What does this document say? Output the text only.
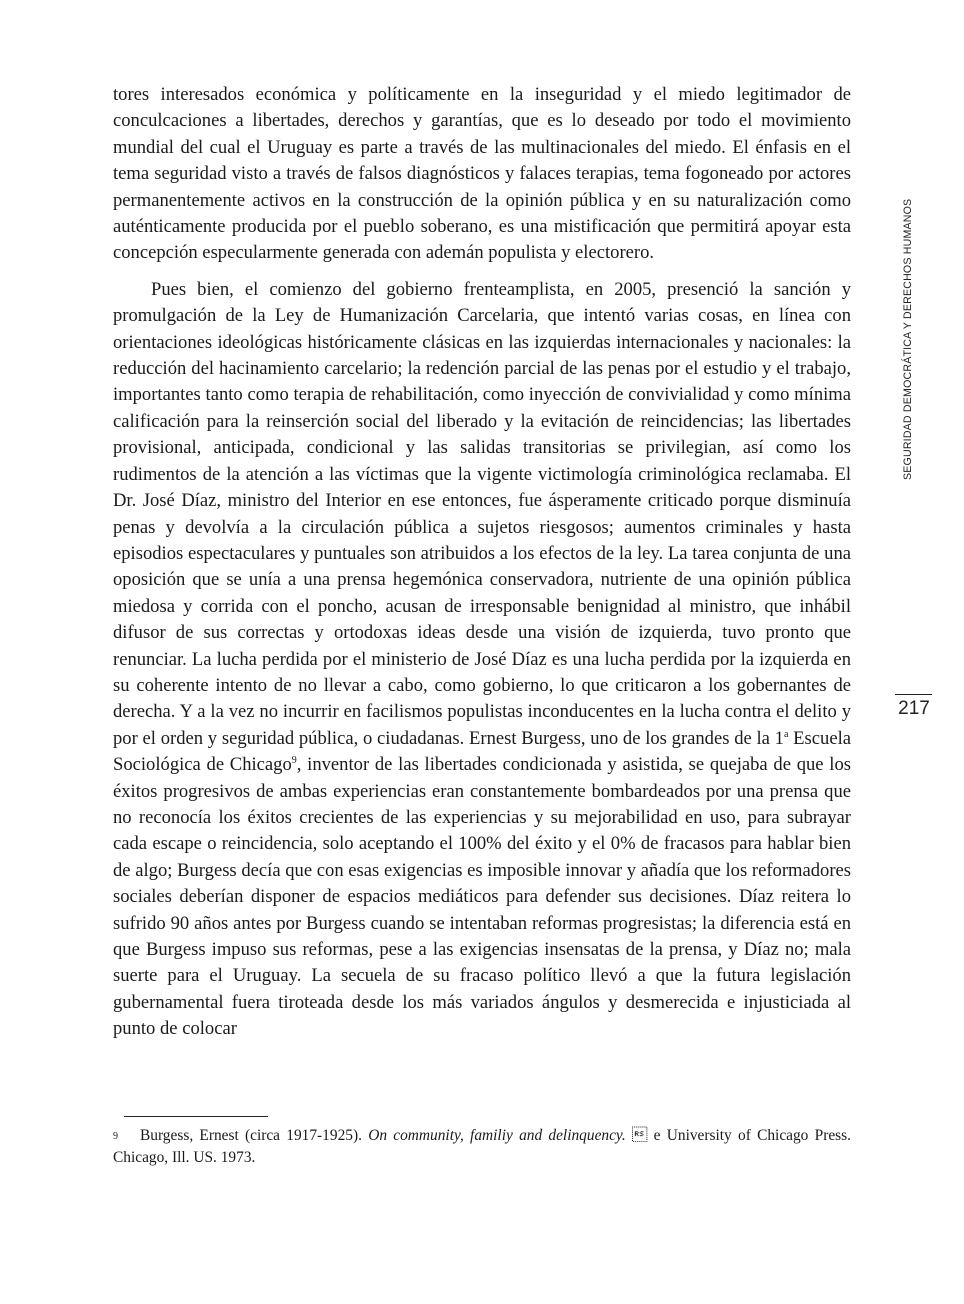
tores interesados económica y políticamente en la inseguridad y el miedo legitimador de conculcaciones a libertades, derechos y garantías, que es lo deseado por todo el movimiento mundial del cual el Uruguay es parte a través de las multinacionales del miedo. El énfasis en el tema seguridad visto a través de falsos diagnósticos y falaces terapias, tema fogoneado por actores permanentemente activos en la construcción de la opinión pública y en su naturalización como auténticamente producida por el pueblo soberano, es una mistificación que permitirá apoyar esta concepción especularmente generada con ademán populista y electorero.

Pues bien, el comienzo del gobierno frenteamplista, en 2005, presenció la sanción y promulgación de la Ley de Humanización Carcelaria, que intentó varias cosas, en línea con orientaciones ideológicas históricamente clásicas en las izquierdas internacionales y nacionales: la reducción del hacinamiento carcelario; la redención parcial de las penas por el estudio y el trabajo, importantes tanto como terapia de rehabilitación, como inyección de convivialidad y como mínima calificación para la reinserción social del liberado y la evitación de reincidencias; las libertades provisional, anticipada, condicional y las salidas transitorias se privilegian, así como los rudimentos de la atención a las víctimas que la vigente victimología criminológica reclamaba. El Dr. José Díaz, ministro del Interior en ese entonces, fue ásperamente criticado porque disminuía penas y devolvía a la circulación pública a sujetos riesgosos; aumentos criminales y hasta episodios espectaculares y puntuales son atribuidos a los efectos de la ley. La tarea conjunta de una oposición que se unía a una prensa hegemónica conservadora, nutriente de una opinión pública miedosa y corrida con el poncho, acusan de irresponsable benignidad al ministro, que inhábil difusor de sus correctas y ortodoxas ideas desde una visión de izquierda, tuvo pronto que renunciar. La lucha perdida por el ministerio de José Díaz es una lucha perdida por la izquierda en su coherente intento de no llevar a cabo, como gobierno, lo que criticaron a los gobernantes de derecha. Y a la vez no incurrir en facilismos populistas inconducentes en la lucha contra el delito y por el orden y seguridad pública, o ciudadanas. Ernest Burgess, uno de los grandes de la 1$^a$ Escuela Sociológica de Chicago$^9$, inventor de las libertades condicionada y asistida, se quejaba de que los éxitos progresivos de ambas experiencias eran constantemente bombardeados por una prensa que no reconocía los éxitos crecientes de las experiencias y su mejorabilidad en uso, para subrayar cada escape o reincidencia, solo aceptando el 100% del éxito y el 0% de fracasos para hablar bien de algo; Burgess decía que con esas exigencias es imposible innovar y añadía que los reformadores sociales deberían disponer de espacios mediáticos para defender sus decisiones. Díaz reitera lo sufrido 90 años antes por Burgess cuando se intentaban reformas progresistas; la diferencia está en que Burgess impuso sus reformas, pese a las exigencias insensatas de la prensa, y Díaz no; mala suerte para el Uruguay. La secuela de su fracaso político llevó a que la futura legislación gubernamental fuera tiroteada desde los más variados ángulos y desmerecida e injusticiada al punto de colocar

SEGURIDAD DEMOCRÁTICA Y DERECHOS HUMANOS
217
$^9$ Burgess, Ernest (circa 1917-1925). On community, familiy and delinquency.  e University of Chicago Press. Chicago, Ill. US. 1973.
